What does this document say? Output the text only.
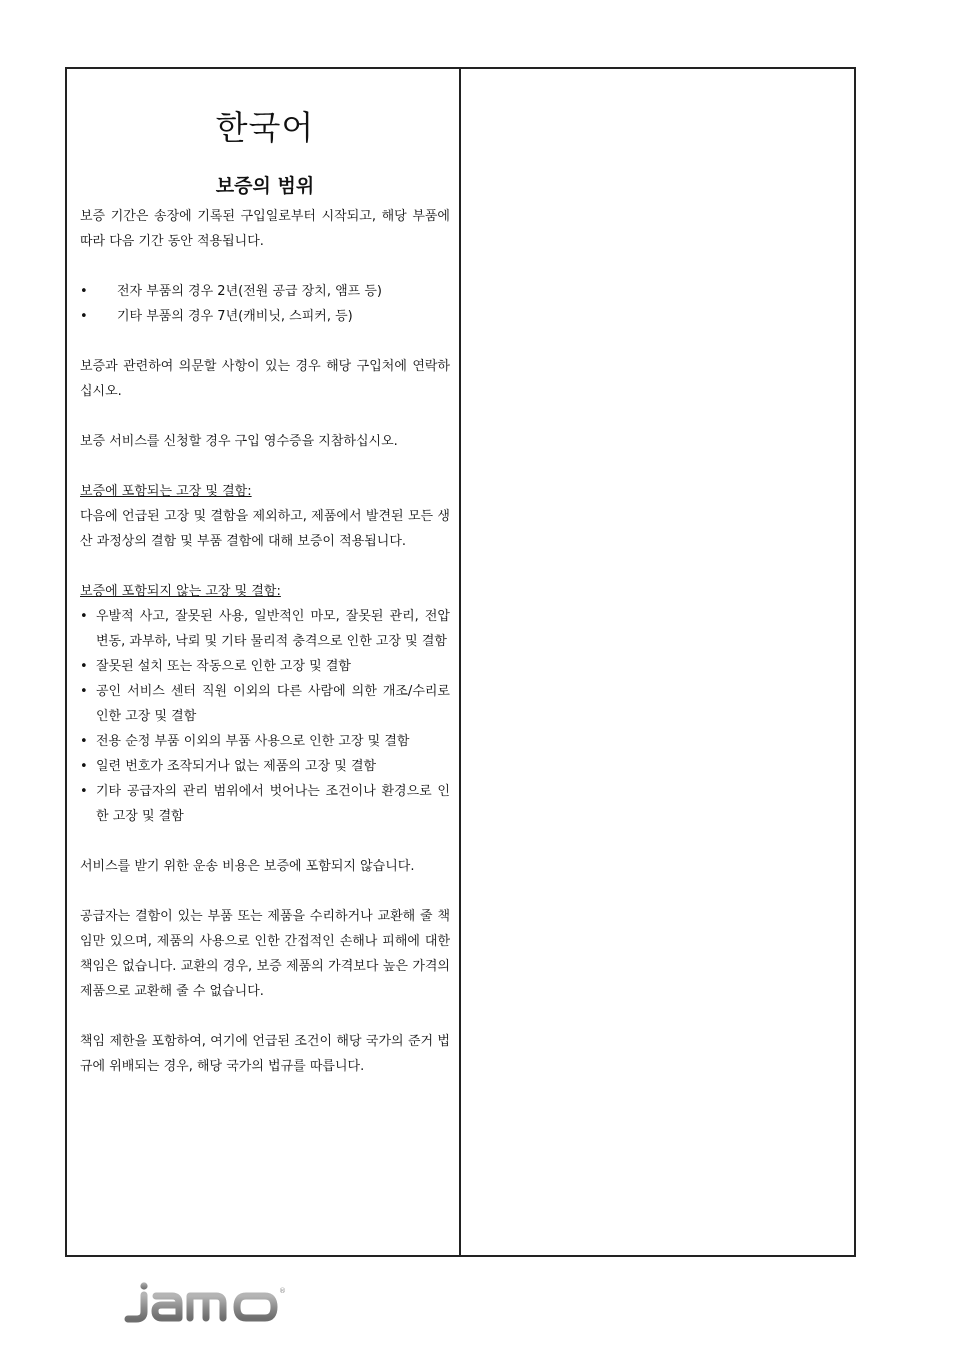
한국어
보증의 범위

보증 기간은 송장에 기록된 구입일로부터 시작되고, 해당 부품에 따라 다음 기간 동안 적용됩니다.

• 전자 부품의 경우 2년(전원 공급 장치, 앰프 등)
• 기타 부품의 경우 7년(캐비닛, 스피커, 등)

보증과 관련하여 의문할 사항이 있는 경우 해당 구입처에 연락하십시오.

보증 서비스를 신청할 경우 구입 영수증을 지참하십시오.

보증에 포함되는 고장 및 결함:

다음에 언급된 고장 및 결함을 제외하고, 제품에서 발견된 모든 생산 과정상의 결함 및 부품 결함에 대해 보증이 적용됩니다.

보증에 포함되지 않는 고장 및 결함:

• 우발적 사고, 잘못된 사용, 일반적인 마모, 잘못된 관리, 전압 변동, 과부하, 낙뢰 및 기타 물리적 충격으로 인한 고장 및 결함
• 잘못된 설치 또는 작동으로 인한 고장 및 결함
• 공인 서비스 센터 직원 이외의 다른 사람에 의한 개조/수리로 인한 고장 및 결함
• 전용 순정 부품 이외의 부품 사용으로 인한 고장 및 결함
• 일련 번호가 조작되거나 없는 제품의 고장 및 결함
• 기타 공급자의 관리 범위에서 벗어나는 조건이나 환경으로 인한 고장 및 결함

서비스를 받기 위한 운송 비용은 보증에 포함되지 않습니다.

공급자는 결함이 있는 부품 또는 제품을 수리하거나 교환해 줄 책임만 있으며, 제품의 사용으로 인한 간접적인 손해나 피해에 대한 책임은 없습니다. 교환의 경우, 보증 제품의 가격보다 높은 가격의 제품으로 교환해 줄 수 없습니다.

책임 제한을 포함하여, 여기에 언급된 조건이 해당 국가의 준거 법규에 위배되는 경우, 해당 국가의 법규를 따릅니다.

®
